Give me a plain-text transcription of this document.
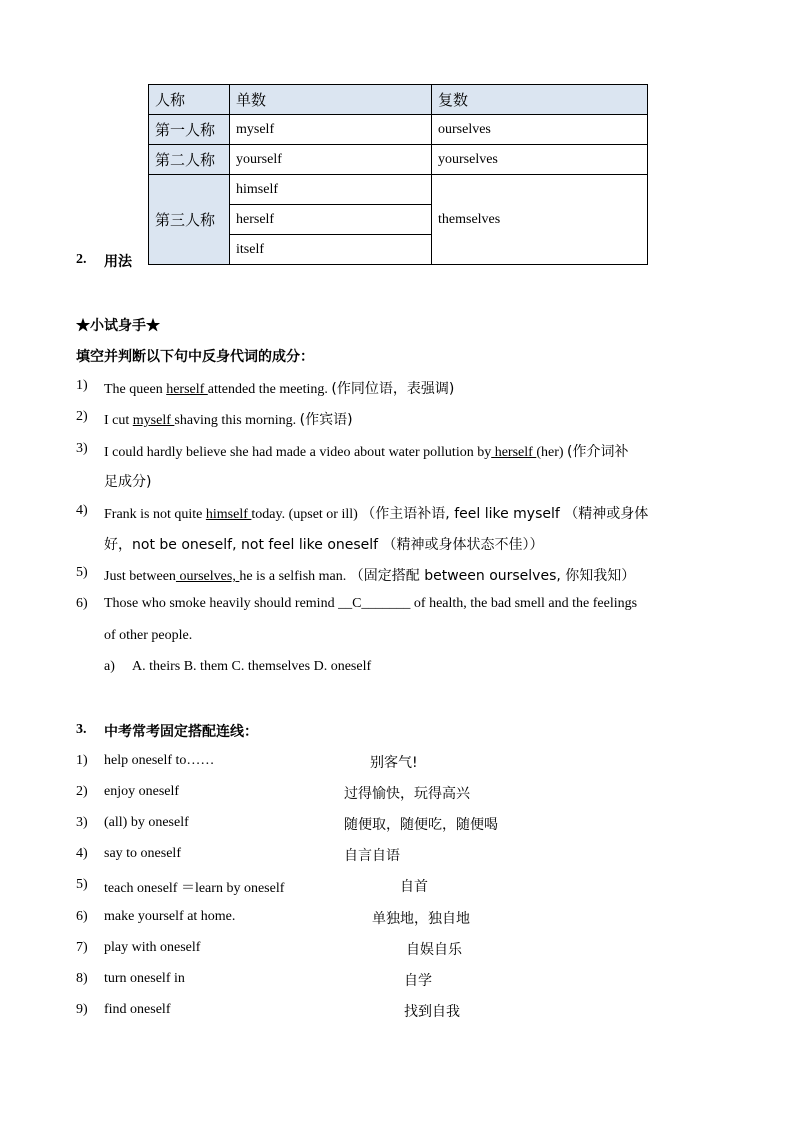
人称	单数	复数
第一人称	myself	ourselves
第二人称	yourself	yourselves
第三人称	himself	themselves
	herself	
	itself	
2. 用法
★小试身手★
填空并判断以下句中反身代词的成分：
1) The queen herself attended the meeting. (作同位语，表强调)
2) I cut myself shaving this morning. (作宾语)
3) I could hardly believe she had made a video about water pollution by herself (her) (作介词补
足成分)
4) Frank is not quite himself today. (upset or ill) （作主语补语, feel like myself （精神或身体
好，not be oneself, not feel like oneself （精神或身体状态不佳））
5) Just between ourselves, he is a selfish man. （固定搭配 between ourselves, 你知我知）
6) Those who smoke heavily should remind __C_______ of health, the bad smell and the feelings
of other people.
a) A. theirs B. them C. themselves D. oneself
3. 中考常考固定搭配连线：
1) help oneself to……	别客气!
2) enjoy oneself	过得愉快，玩得高兴
3) (all) by oneself	随便取，随便吃，随便喝
4) say to oneself	自言自语
5) teach oneself ＝learn by oneself	自首
6) make yourself at home.	单独地，独自地
7) play with oneself	自娱自乐
8) turn oneself in	自学
9) find oneself	找到自我
